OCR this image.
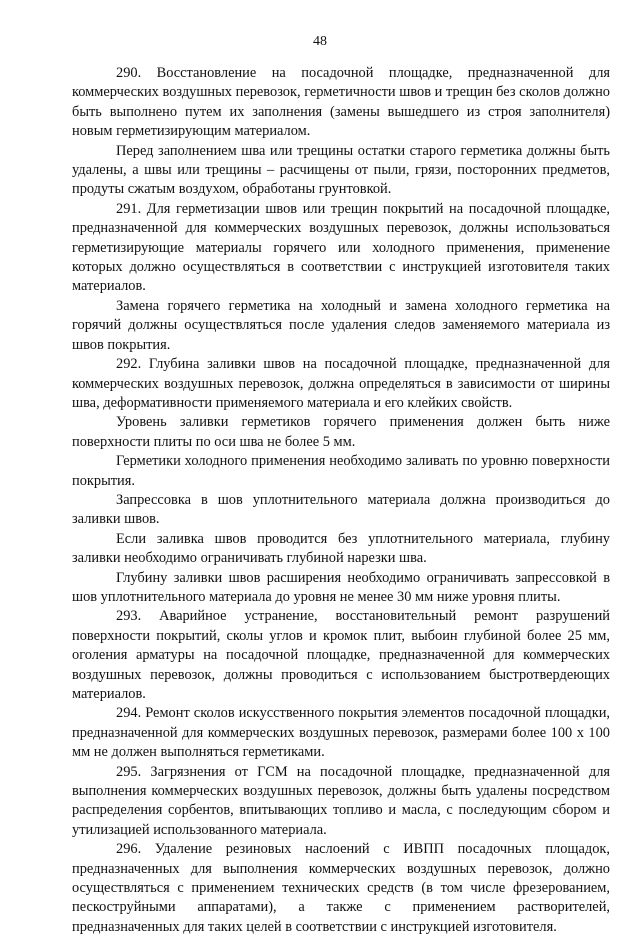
48

290. Восстановление на посадочной площадке, предназначенной для коммерческих воздушных перевозок, герметичности швов и трещин без сколов должно быть выполнено путем их заполнения (замены вышедшего из строя заполнителя) новым герметизирующим материалом.

Перед заполнением шва или трещины остатки старого герметика должны быть удалены, а швы или трещины – расчищены от пыли, грязи, посторонних предметов, продуты сжатым воздухом, обработаны грунтовкой.

291. Для герметизации швов или трещин покрытий на посадочной площадке, предназначенной для коммерческих воздушных перевозок, должны использоваться герметизирующие материалы горячего или холодного применения, применение которых должно осуществляться в соответствии с инструкцией изготовителя таких материалов.

Замена горячего герметика на холодный и замена холодного герметика на горячий должны осуществляться после удаления следов заменяемого материала из швов покрытия.

292. Глубина заливки швов на посадочной площадке, предназначенной для коммерческих воздушных перевозок, должна определяться в зависимости от ширины шва, деформативности применяемого материала и его клейких свойств.

Уровень заливки герметиков горячего применения должен быть ниже поверхности плиты по оси шва не более 5 мм.

Герметики холодного применения необходимо заливать по уровню поверхности покрытия.

Запрессовка в шов уплотнительного материала должна производиться до заливки швов.

Если заливка швов проводится без уплотнительного материала, глубину заливки необходимо ограничивать глубиной нарезки шва.

Глубину заливки швов расширения необходимо ограничивать запрессовкой в шов уплотнительного материала до уровня не менее 30 мм ниже уровня плиты.

293. Аварийное устранение, восстановительный ремонт разрушений поверхности покрытий, сколы углов и кромок плит, выбоин глубиной более 25 мм, оголения арматуры на посадочной площадке, предназначенной для коммерческих воздушных перевозок, должны проводиться с использованием быстротвердеющих материалов.

294. Ремонт сколов искусственного покрытия элементов посадочной площадки, предназначенной для коммерческих воздушных перевозок, размерами более 100 x 100 мм не должен выполняться герметиками.

295. Загрязнения от ГСМ на посадочной площадке, предназначенной для выполнения коммерческих воздушных перевозок, должны быть удалены посредством распределения сорбентов, впитывающих топливо и масла, с последующим сбором и утилизацией использованного материала.

296. Удаление резиновых наслоений с ИВПП посадочных площадок, предназначенных для выполнения коммерческих воздушных перевозок, должно осуществляться с применением технических средств (в том числе фрезерованием, пескоструйными аппаратами), а также с применением растворителей, предназначенных для таких целей в соответствии с инструкцией изготовителя.
